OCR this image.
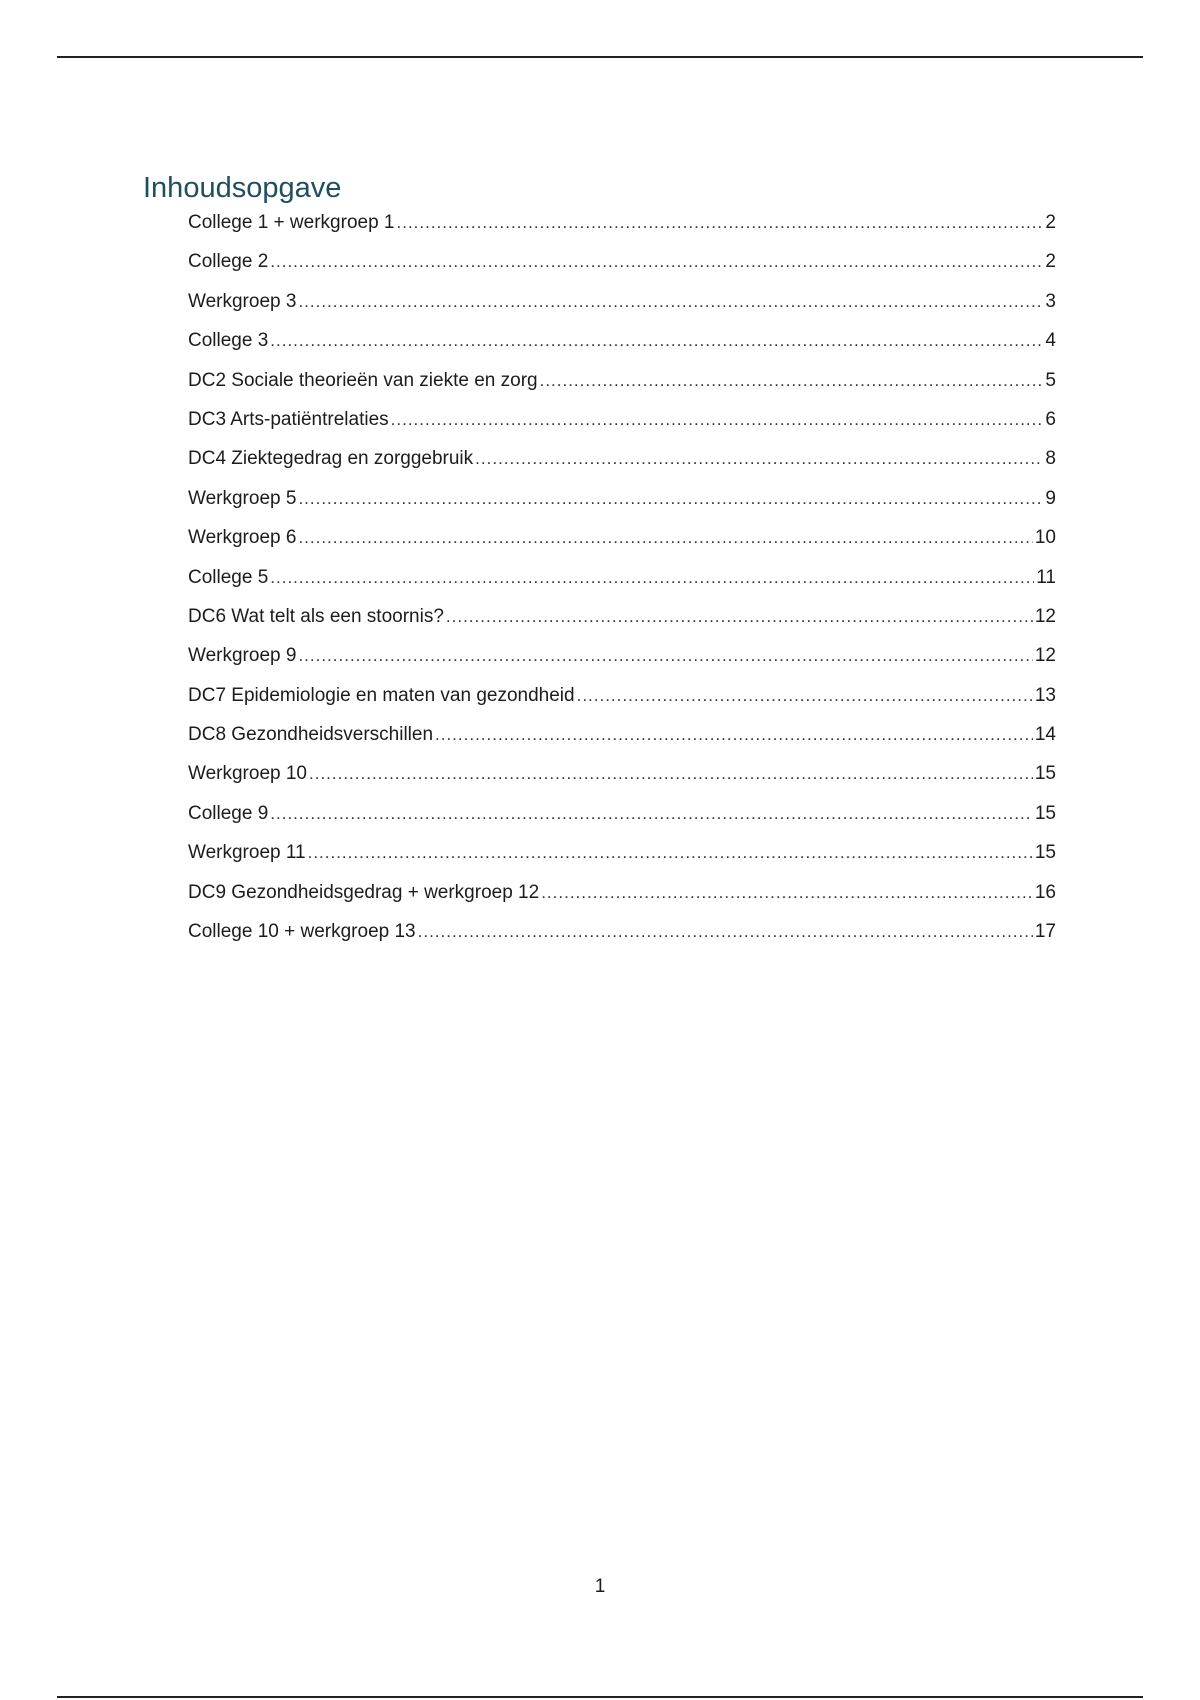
Inhoudsopgave
College 1 + werkgroep 1 .....	2
College 2 .....	2
Werkgroep 3 .....	3
College 3 .....	4
DC2 Sociale theorieën van ziekte en zorg .....	5
DC3 Arts-patiëntrelaties .....	6
DC4 Ziektegedrag en zorggebruik .....	8
Werkgroep 5 .....	9
Werkgroep 6 .....	10
College 5 .....	11
DC6 Wat telt als een stoornis? .....	12
Werkgroep 9 .....	12
DC7 Epidemiologie en maten van gezondheid .....	13
DC8 Gezondheidsverschillen .....	14
Werkgroep 10 .....	15
College 9 .....	15
Werkgroep 11 .....	15
DC9 Gezondheidsgedrag + werkgroep 12 .....	16
College 10 + werkgroep 13 .....	17
1
